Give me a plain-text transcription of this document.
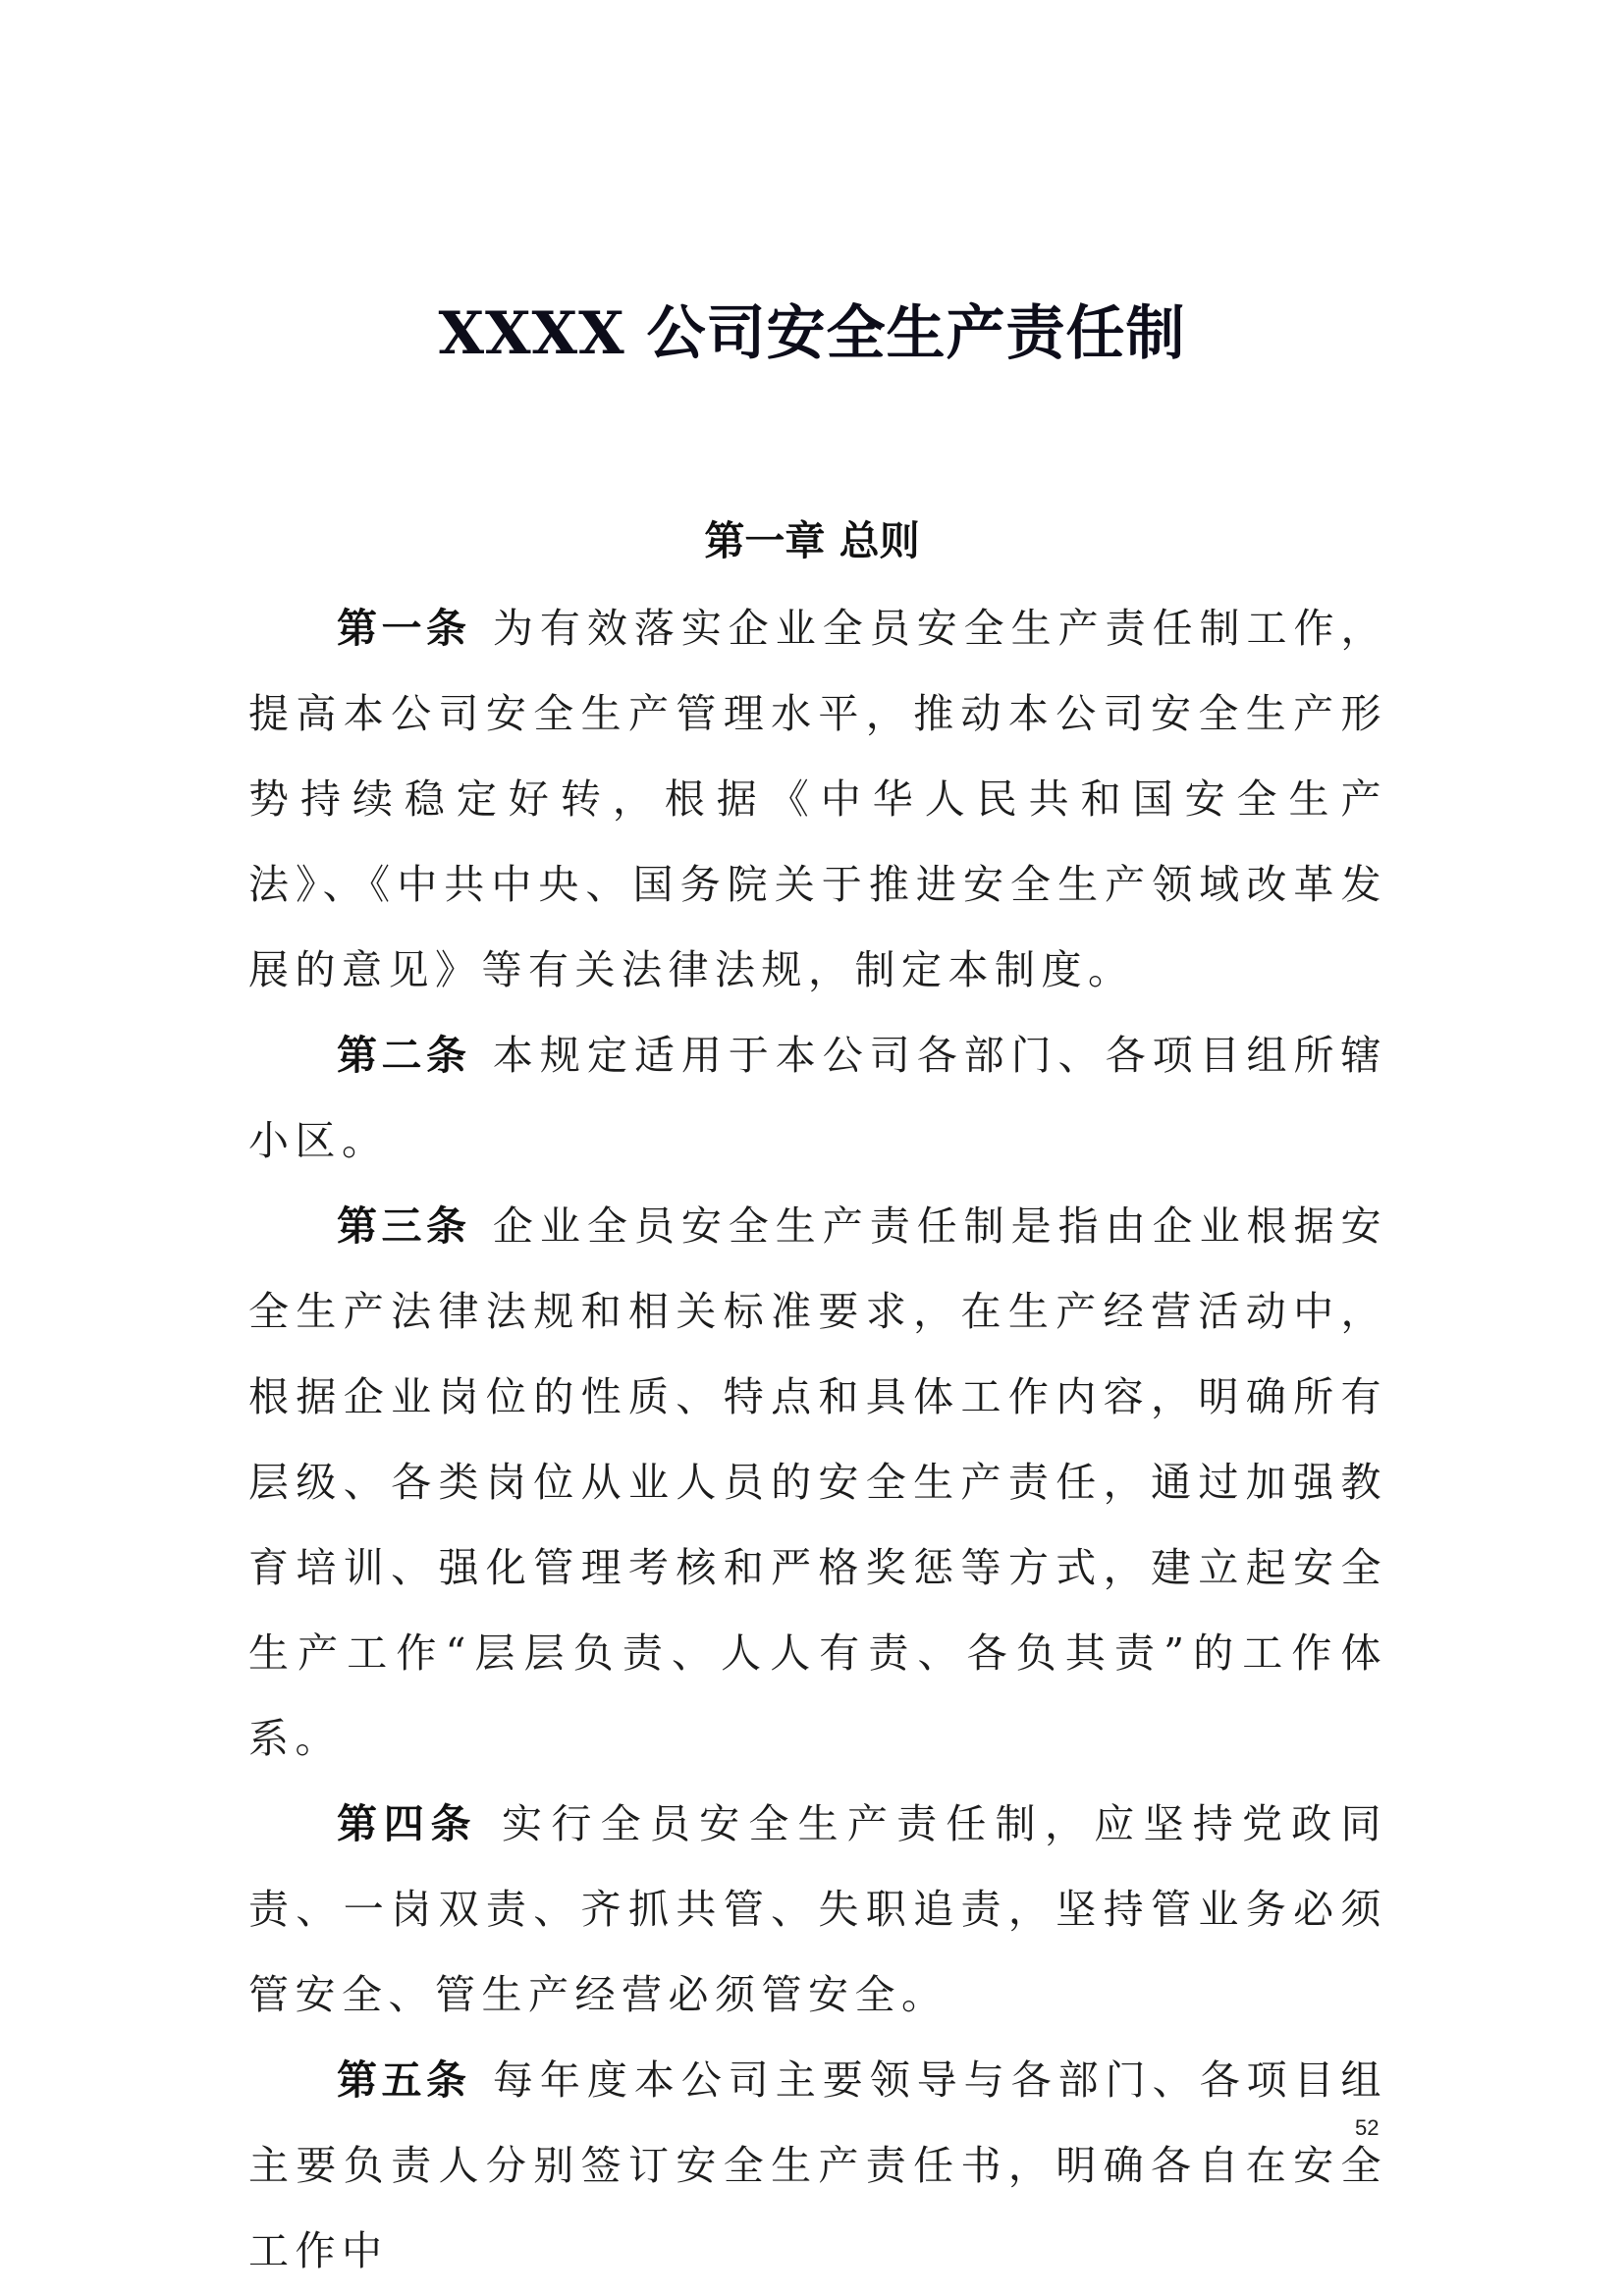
XXXX 公司安全生产责任制
第一章 总则

第一条 为有效落实企业全员安全生产责任制工作，提高本公司安全生产管理水平，推动本公司安全生产形势持续稳定好转，根据《中华人民共和国安全生产法》、《中共中央、国务院关于推进安全生产领域改革发展的意见》等有关法律法规，制定本制度。

第二条 本规定适用于本公司各部门、各项目组所辖小区。

第三条 企业全员安全生产责任制是指由企业根据安全生产法律法规和相关标准要求，在生产经营活动中，根据企业岗位的性质、特点和具体工作内容，明确所有层级、各类岗位从业人员的安全生产责任，通过加强教育培训、强化管理考核和严格奖惩等方式，建立起安全生产工作“层层负责、人人有责、各负其责”的工作体系。

第四条 实行全员安全生产责任制，应坚持党政同责、一岗双责、齐抓共管、失职追责，坚持管业务必须管安全、管生产经营必须管安全。

第五条 每年度本公司主要领导与各部门、各项目组主要负责人分别签订安全生产责任书，明确各自在安全工作中

52
